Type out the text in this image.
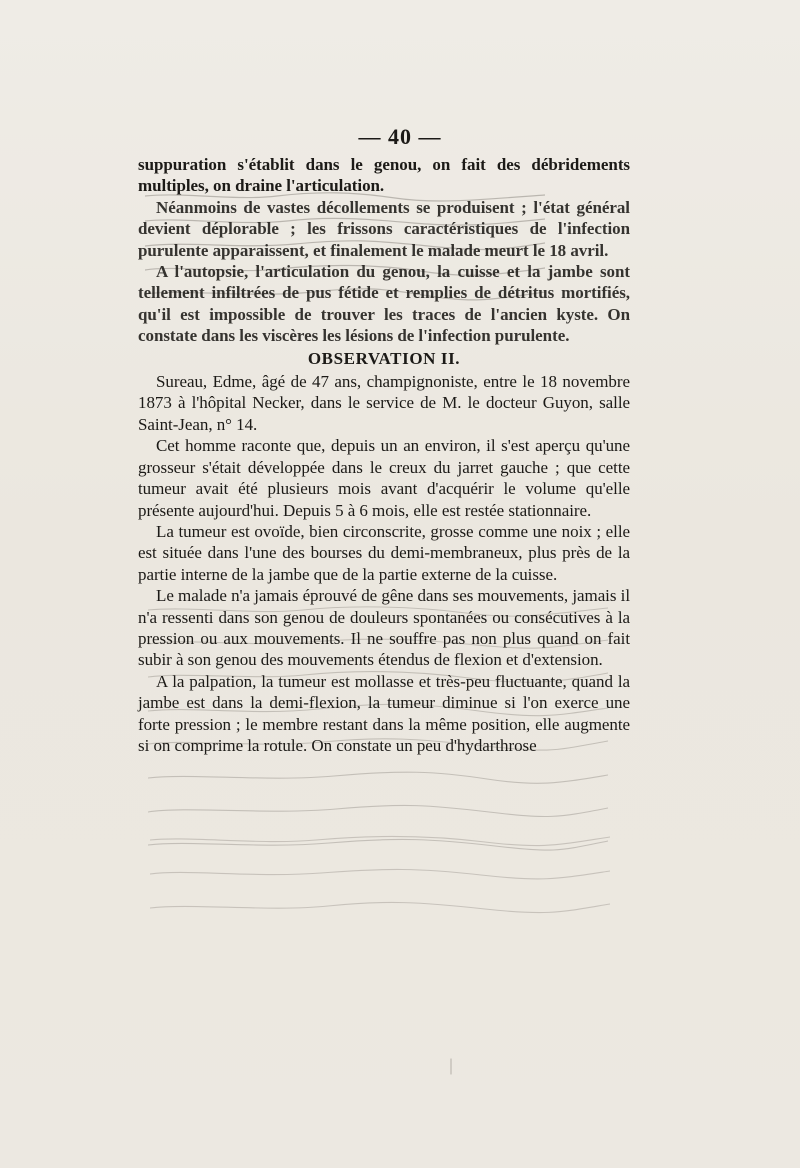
— 40 —

suppuration s'établit dans le genou, on fait des débridements multiples, on draine l'articulation.

Néanmoins de vastes décollements se produisent ; l'état général devient déplorable ; les frissons caractéristiques de l'infection purulente apparaissent, et finalement le malade meurt le 18 avril.

A l'autopsie, l'articulation du genou, la cuisse et la jambe sont tellement infiltrées de pus fétide et remplies de détritus mortifiés, qu'il est impossible de trouver les traces de l'ancien kyste. On constate dans les viscères les lésions de l'infection purulente.

OBSERVATION II.

Sureau, Edme, âgé de 47 ans, champignoniste, entre le 18 novembre 1873 à l'hôpital Necker, dans le service de M. le docteur Guyon, salle Saint-Jean, n° 14.

Cet homme raconte que, depuis un an environ, il s'est aperçu qu'une grosseur s'était développée dans le creux du jarret gauche ; que cette tumeur avait été plusieurs mois avant d'acquérir le volume qu'elle présente aujourd'hui. Depuis 5 à 6 mois, elle est restée stationnaire.

La tumeur est ovoïde, bien circonscrite, grosse comme une noix ; elle est située dans l'une des bourses du demi-membraneux, plus près de la partie interne de la jambe que de la partie externe de la cuisse.

Le malade n'a jamais éprouvé de gêne dans ses mouvements, jamais il n'a ressenti dans son genou de douleurs spontanées ou consécutives à la pression ou aux mouvements. Il ne souffre pas non plus quand on fait subir à son genou des mouvements étendus de flexion et d'extension.

A la palpation, la tumeur est mollasse et très-peu fluctuante, quand la jambe est dans la demi-flexion, la tumeur diminue si l'on exerce une forte pression ; le membre restant dans la même position, elle augmente si on comprime la rotule. On constate un peu d'hydarthrose
